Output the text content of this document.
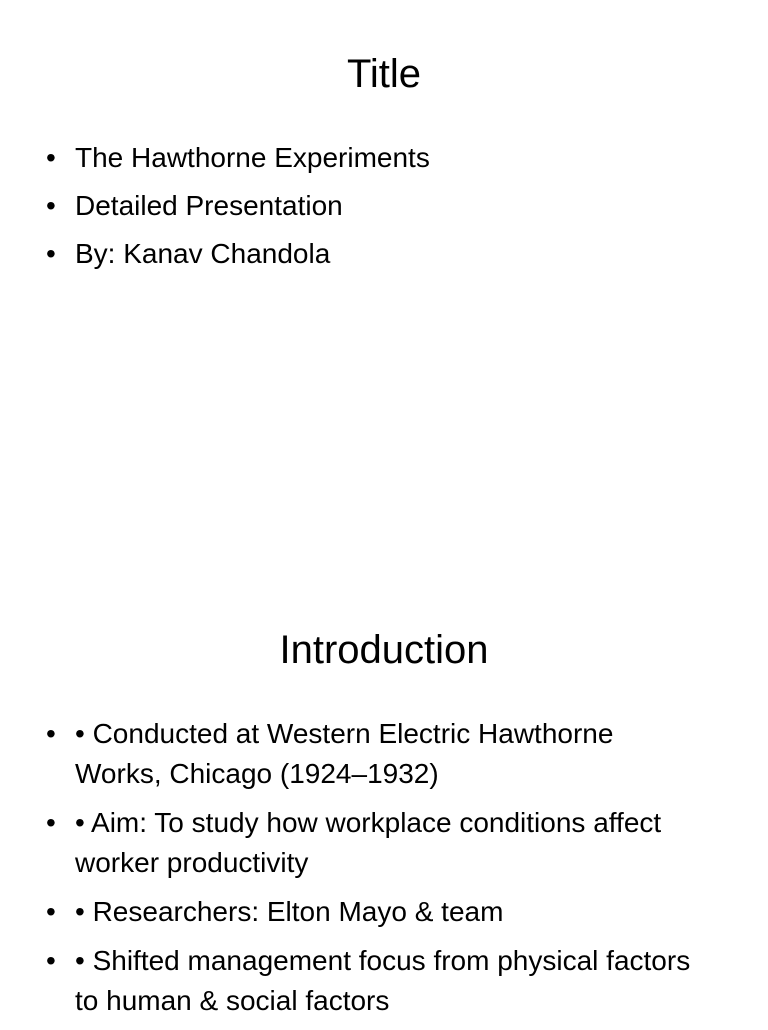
Title
• The Hawthorne Experiments
• Detailed Presentation
• By: Kanav Chandola
Introduction
• • Conducted at Western Electric Hawthorne Works, Chicago (1924–1932)
• • Aim: To study how workplace conditions affect worker productivity
• • Researchers: Elton Mayo & team
• • Shifted management focus from physical factors to human & social factors
